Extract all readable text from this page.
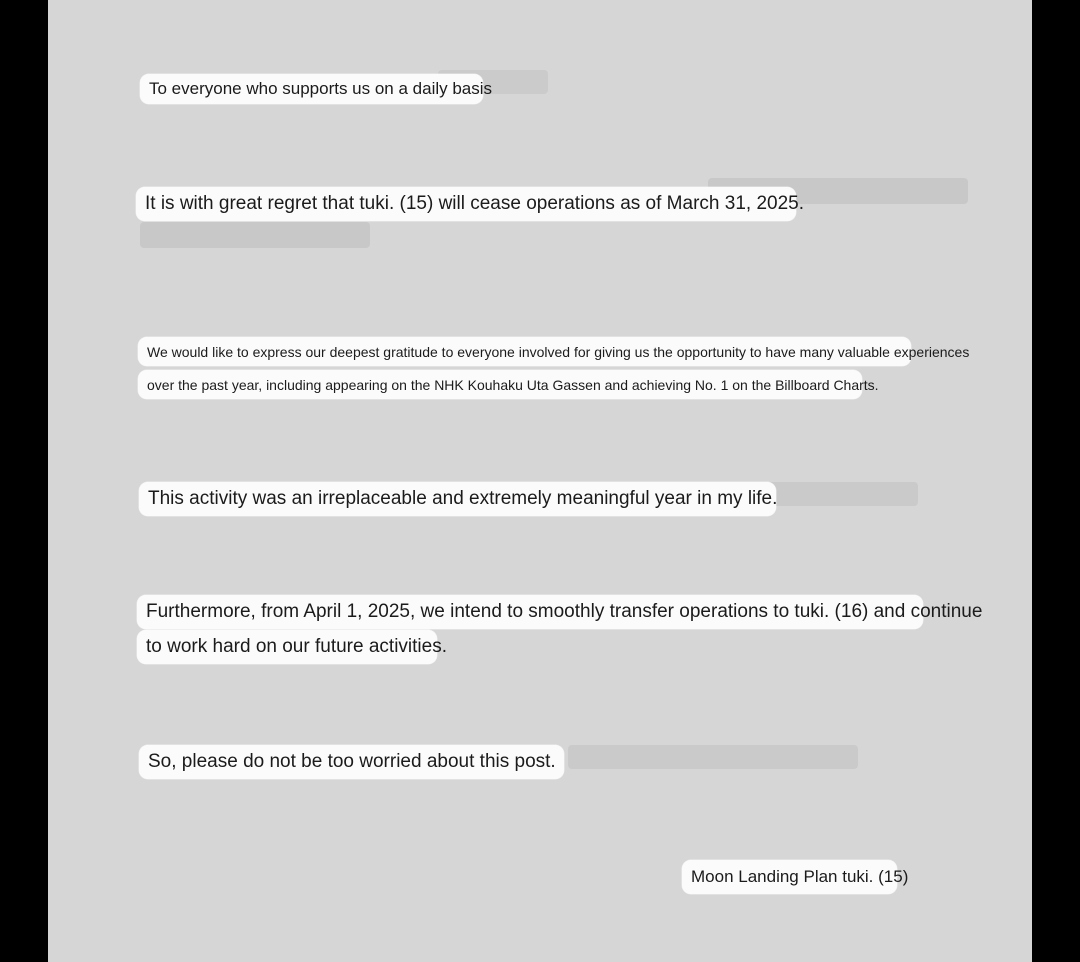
To everyone who supports us on a daily basis
It is with great regret that tuki. (15) will cease operations as of March 31, 2025.
We would like to express our deepest gratitude to everyone involved for giving us the opportunity to have many valuable experiences
over the past year, including appearing on the NHK Kouhaku Uta Gassen and achieving No. 1 on the Billboard Charts.
This activity was an irreplaceable and extremely meaningful year in my life.
Furthermore, from April 1, 2025, we intend to smoothly transfer operations to tuki. (16) and continue
to work hard on our future activities.
So, please do not be too worried about this post.
Moon Landing Plan tuki. (15)
